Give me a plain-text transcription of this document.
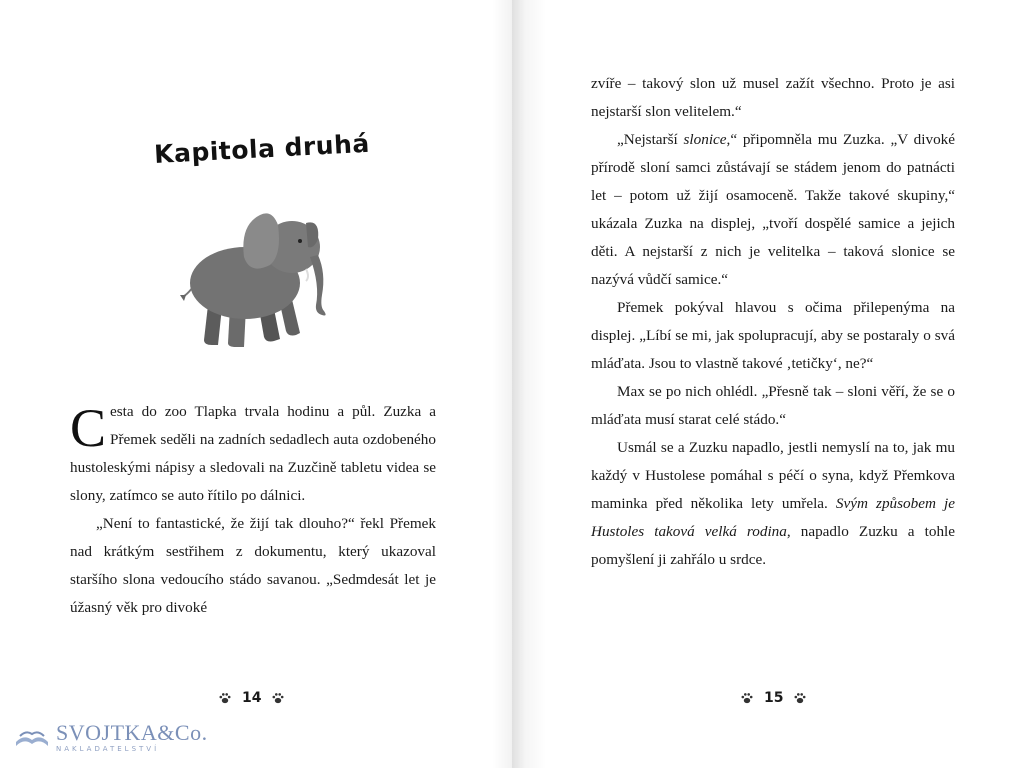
Kapitola druhá

Cesta do zoo Tlapka trvala hodinu a půl. Zuzka a Přemek seděli na zadních sedadlech auta ozdobeného hustoleskými nápisy a sledovali na Zuzčině tabletu videa se slony, zatímco se auto řítilo po dálnici.

„Není to fantastické, že žijí tak dlouho?“ řekl Přemek nad krátkým sestřihem z dokumentu, který ukazoval staršího slona vedoucího stádo savanou. „Sedmdesát let je úžasný věk pro divoké

14
SVOJTKA&Co.
NAKLADATELSTVÍ

zvíře – takový slon už musel zažít všechno. Proto je asi nejstarší slon velitelem.“

„Nejstarší slonice,“ připomněla mu Zuzka. „V divoké přírodě sloní samci zůstávají se stádem jenom do patnácti let – potom už žijí osamoceně. Takže takové skupiny,“ ukázala Zuzka na displej, „tvoří dospělé samice a jejich děti. A nejstarší z nich je velitelka – taková slonice se nazývá vůdčí samice.“

Přemek pokýval hlavou s očima přilepenýma na displej. „Líbí se mi, jak spolupracují, aby se postaraly o svá mláďata. Jsou to vlastně takové ‚tetičky‘, ne?“

Max se po nich ohlédl. „Přesně tak – sloni věří, že se o mláďata musí starat celé stádo.“

Usmál se a Zuzku napadlo, jestli nemyslí na to, jak mu každý v Hustolese pomáhal s péčí o syna, když Přemkova maminka před několika lety umřela. Svým způsobem je Hustoles taková velká rodina, napadlo Zuzku a tohle pomyšlení ji zahřálo u srdce.

15
